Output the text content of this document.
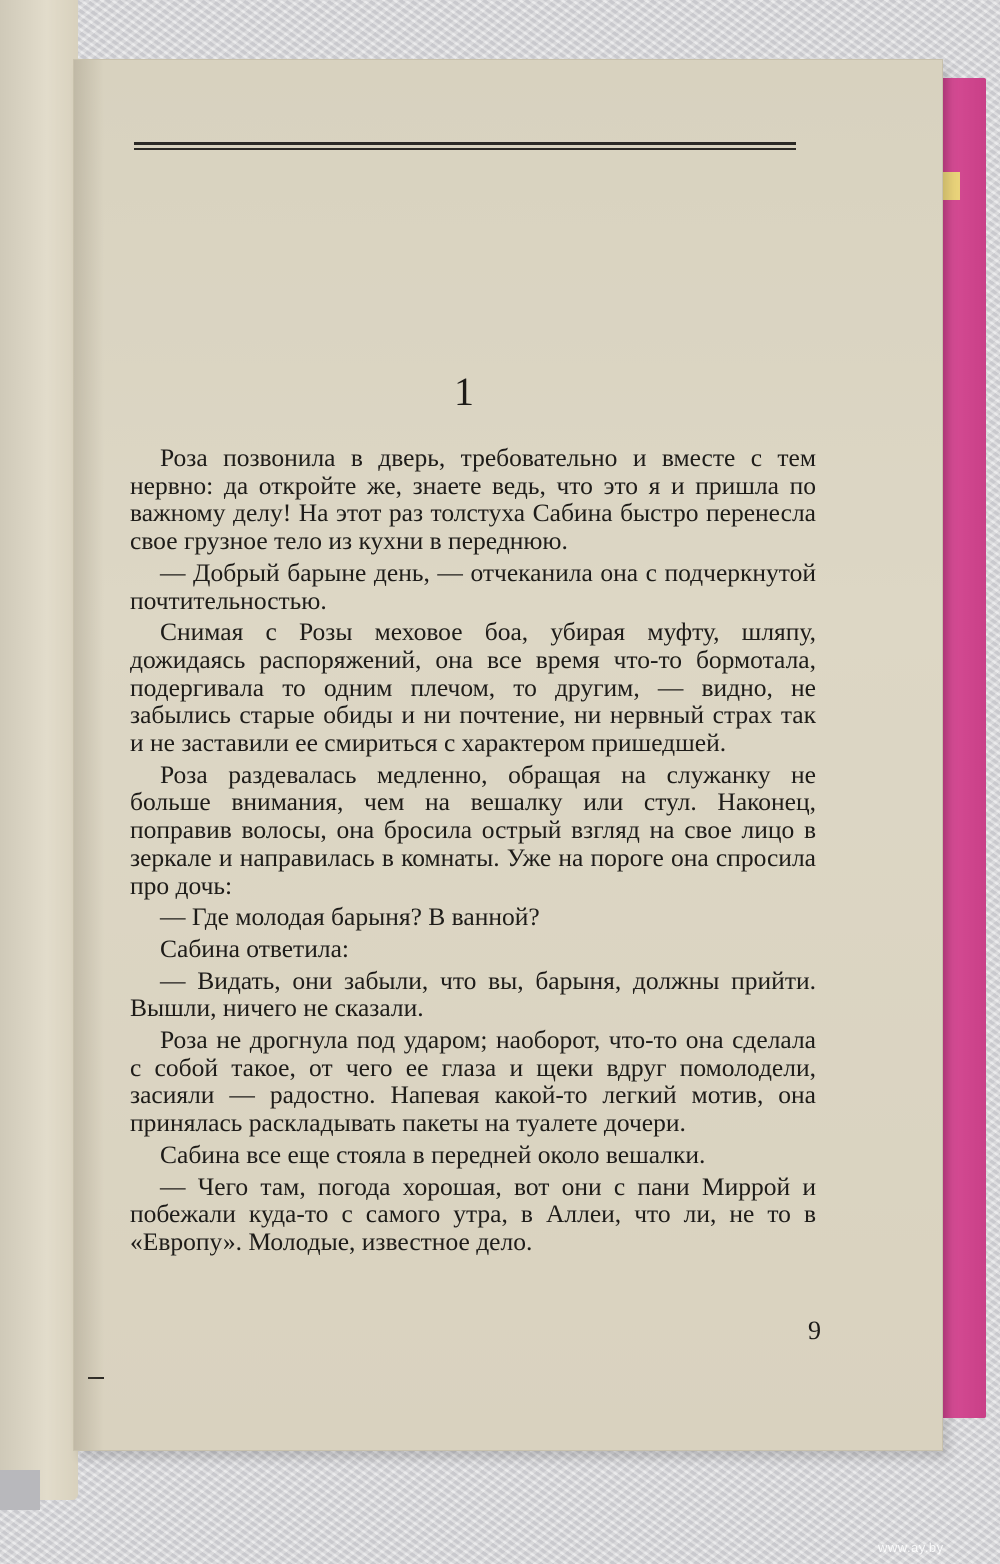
1

Роза позвонила в дверь, требовательно и вместе с тем нервно: да откройте же, знаете ведь, что это я и пришла по важному делу! На этот раз толстуха Сабина быстро перенесла свое грузное тело из кухни в переднюю.

— Добрый барыне день, — отчеканила она с подчеркнутой почтительностью.

Снимая с Розы меховое боа, убирая муфту, шляпу, дожидаясь распоряжений, она все время что-то бормотала, подергивала то одним плечом, то другим, — видно, не забылись старые обиды и ни почтение, ни нервный страх так и не заставили ее смириться с характером пришедшей.

Роза раздевалась медленно, обращая на служанку не больше внимания, чем на вешалку или стул. Наконец, поправив волосы, она бросила острый взгляд на свое лицо в зеркале и направилась в комнаты. Уже на пороге она спросила про дочь:

— Где молодая барыня? В ванной?

Сабина ответила:

— Видать, они забыли, что вы, барыня, должны прийти. Вышли, ничего не сказали.

Роза не дрогнула под ударом; наоборот, что-то она сделала с собой такое, от чего ее глаза и щеки вдруг помолодели, засияли — радостно. Напевая какой-то легкий мотив, она принялась раскладывать пакеты на туалете дочери.

Сабина все еще стояла в передней около вешалки.

— Чего там, погода хорошая, вот они с пани Миррой и побежали куда-то с самого утра, в Аллеи, что ли, не то в «Европу». Молодые, известное дело.

9
www.ay.by
